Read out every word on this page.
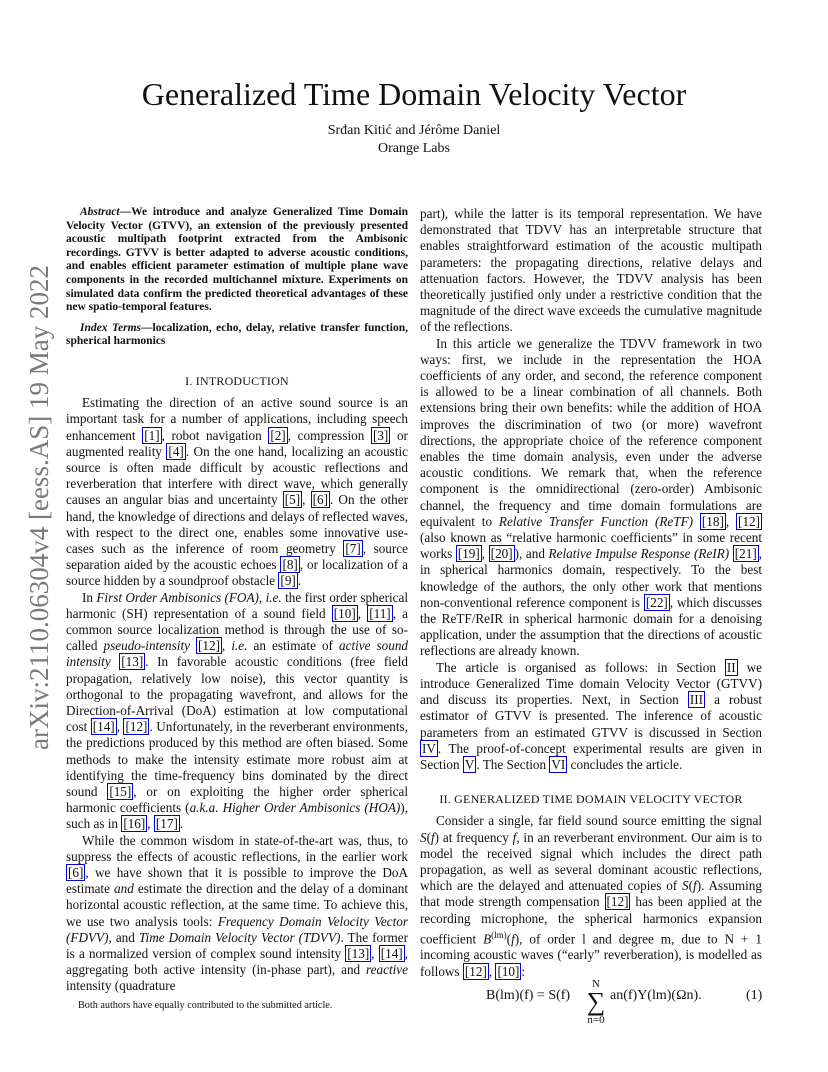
arXiv:2110.06304v4 [eess.AS] 19 May 2022
Generalized Time Domain Velocity Vector
Srđan Kitić and Jérôme Daniel
Orange Labs

Abstract—We introduce and analyze Generalized Time Domain Velocity Vector (GTVV), an extension of the previously presented acoustic multipath footprint extracted from the Ambisonic recordings. GTVV is better adapted to adverse acoustic conditions, and enables efficient parameter estimation of multiple plane wave components in the recorded multichannel mixture. Experiments on simulated data confirm the predicted theoretical advantages of these new spatio-temporal features.

Index Terms—localization, echo, delay, relative transfer function, spherical harmonics

I. INTRODUCTION

Estimating the direction of an active sound source is an important task for a number of applications, including speech enhancement [1] , robot navigation [2] , compression [3] or augmented reality [4] . On the one hand, localizing an acoustic source is often made difficult by acoustic reflections and reverberation that interfere with direct wave, which generally causes an angular bias and uncertainty [5] , [6] . On the other hand, the knowledge of directions and delays of reflected waves, with respect to the direct one, enables some innovative use-cases such as the inference of room geometry [7] , source separation aided by the acoustic echoes [8] , or localization of a source hidden by a soundproof obstacle [9] .

In First Order Ambisonics (FOA), i.e. the first order spherical harmonic (SH) representation of a sound field [10] , [11] , a common source localization method is through the use of so-called pseudo-intensity [12] , i.e. an estimate of active sound intensity [13] . In favorable acoustic conditions (free field propagation, relatively low noise), this vector quantity is orthogonal to the propagating wavefront, and allows for the Direction-of-Arrival (DoA) estimation at low computational cost [14] , [12] . Unfortunately, in the reverberant environments, the predictions produced by this method are often biased. Some methods to make the intensity estimate more robust aim at identifying the time-frequency bins dominated by the direct sound [15] , or on exploiting the higher order spherical harmonic coefficients (a.k.a. Higher Order Ambisonics (HOA)), such as in [16] , [17] .

While the common wisdom in state-of-the-art was, thus, to suppress the effects of acoustic reflections, in the earlier work [6] , we have shown that it is possible to improve the DoA estimate and estimate the direction and the delay of a dominant horizontal acoustic reflection, at the same time. To achieve this, we use two analysis tools: Frequency Domain Velocity Vector (FDVV), and Time Domain Velocity Vector (TDVV). The former is a normalized version of complex sound intensity [13] , [14] , aggregating both active intensity (in-phase part), and reactive intensity (quadrature

part), while the latter is its temporal representation. We have demonstrated that TDVV has an interpretable structure that enables straightforward estimation of the acoustic multipath parameters: the propagating directions, relative delays and attenuation factors. However, the TDVV analysis has been theoretically justified only under a restrictive condition that the magnitude of the direct wave exceeds the cumulative magnitude of the reflections.

In this article we generalize the TDVV framework in two ways: first, we include in the representation the HOA coefficients of any order, and second, the reference component is allowed to be a linear combination of all channels. Both extensions bring their own benefits: while the addition of HOA improves the discrimination of two (or more) wavefront directions, the appropriate choice of the reference component enables the time domain analysis, even under the adverse acoustic conditions. We remark that, when the reference component is the omnidirectional (zero-order) Ambisonic channel, the frequency and time domain formulations are equivalent to Relative Transfer Function (ReTF) [18] , [12] (also known as “relative harmonic coefficients” in some recent works [19] , [20] ), and Relative Impulse Response (ReIR) [21] , in spherical harmonics domain, respectively. To the best knowledge of the authors, the only other work that mentions non-conventional reference component is [22] , which discusses the ReTF/ReIR in spherical harmonic domain for a denoising application, under the assumption that the directions of acoustic reflections are already known.

The article is organised as follows: in Section II we introduce Generalized Time domain Velocity Vector (GTVV) and discuss its properties. Next, in Section III a robust estimator of GTVV is presented. The inference of acoustic parameters from an estimated GTVV is discussed in Section IV . The proof-of-concept experimental results are given in Section V . The Section VI concludes the article.

II. GENERALIZED TIME DOMAIN VELOCITY VECTOR

Consider a single, far field sound source emitting the signal S(f) at frequency f, in an reverberant environment. Our aim is to model the received signal which includes the direct path propagation, as well as several dominant acoustic reflections, which are the delayed and attenuated copies of S(f). Assuming that mode strength compensation [12] has been applied at the recording microphone, the spherical harmonics expansion coefficient $B^{(lm)}(f)$, of order l and degree m, due to N + 1 incoming acoustic waves (“early” reverberation), is modelled as follows [12] , [10] :

B(lm)(f) = S(f)
N
∑
n=0
an(f)Y(lm)(Ωn).	(1)
Both authors have equally contributed to the submitted article.
